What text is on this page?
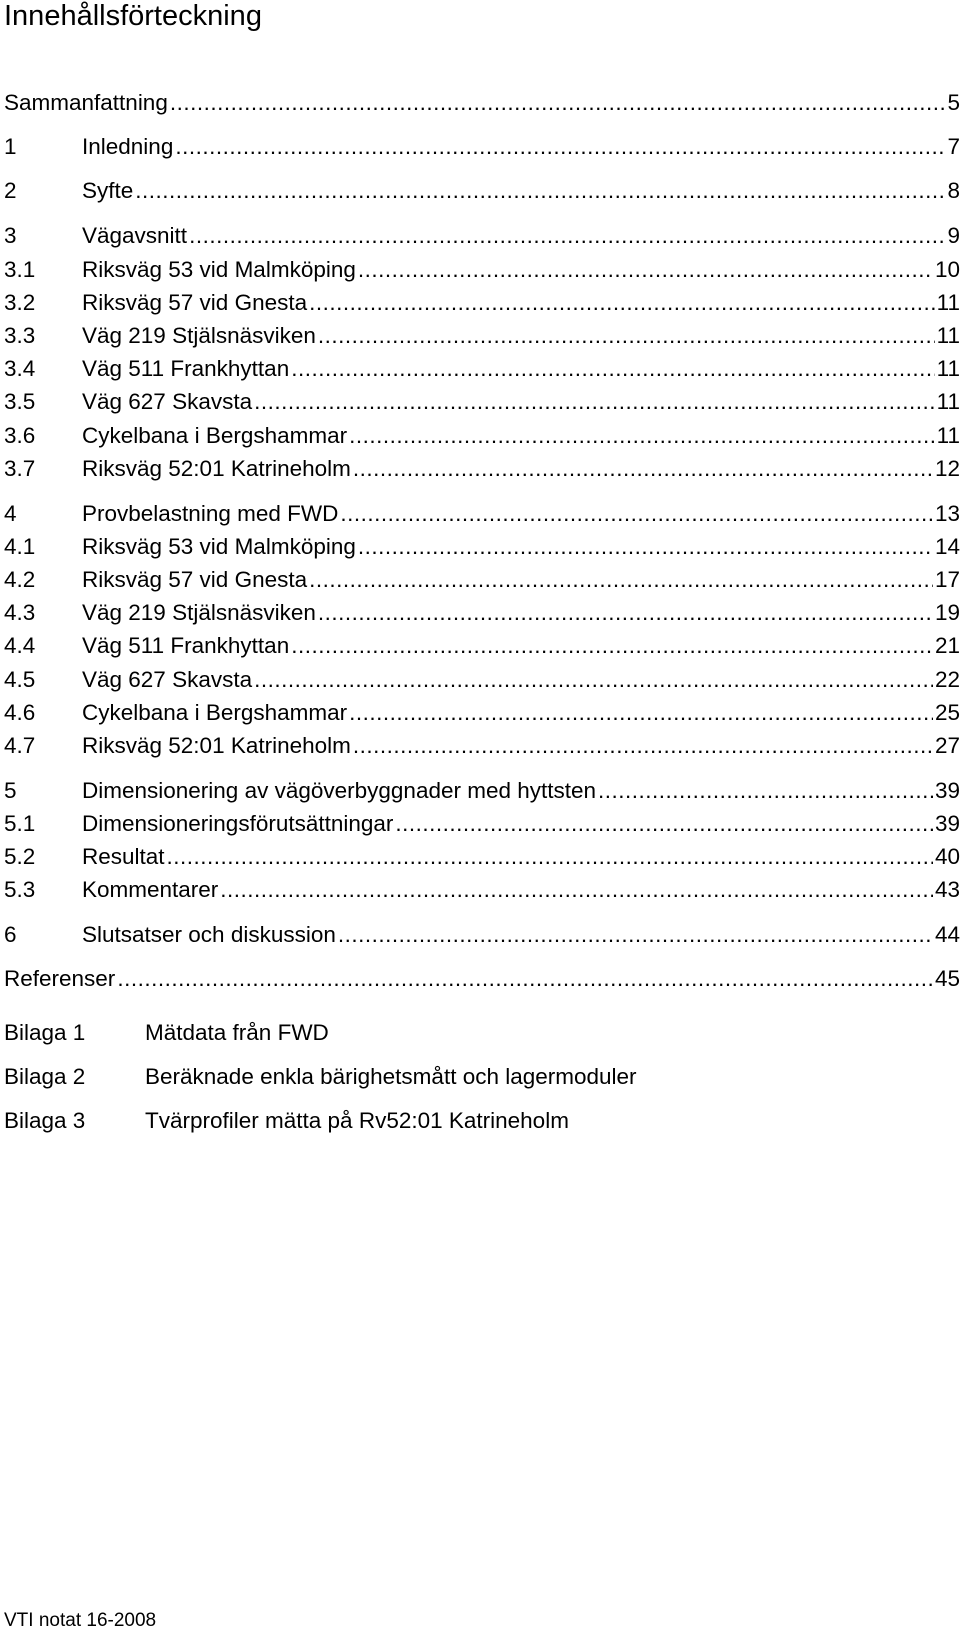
Innehållsförteckning
Sammanfattning .....	5
1	Inledning .....	7
2	Syfte .....	8
3	Vägavsnitt .....	9
3.1	Riksväg 53 vid Malmköping .....	10
3.2	Riksväg 57 vid Gnesta .....	11
3.3	Väg 219 Stjälsnäsviken .....	11
3.4	Väg 511 Frankhyttan .....	11
3.5	Väg 627 Skavsta .....	11
3.6	Cykelbana i Bergshammar .....	11
3.7	Riksväg 52:01 Katrineholm .....	12
4	Provbelastning med FWD .....	13
4.1	Riksväg 53 vid Malmköping .....	14
4.2	Riksväg 57 vid Gnesta .....	17
4.3	Väg 219 Stjälsnäsviken .....	19
4.4	Väg 511 Frankhyttan .....	21
4.5	Väg 627 Skavsta .....	22
4.6	Cykelbana i Bergshammar .....	25
4.7	Riksväg 52:01 Katrineholm .....	27
5	Dimensionering av vägöverbyggnader med hyttsten .....	39
5.1	Dimensioneringsförutsättningar .....	39
5.2	Resultat .....	40
5.3	Kommentarer .....	43
6	Slutsatser och diskussion .....	44
Referenser .....	45
Bilaga 1	Mätdata från FWD
Bilaga 2	Beräknade enkla bärighetsmått och lagermoduler
Bilaga 3	Tvärprofiler mätta på Rv52:01 Katrineholm
VTI notat 16-2008
